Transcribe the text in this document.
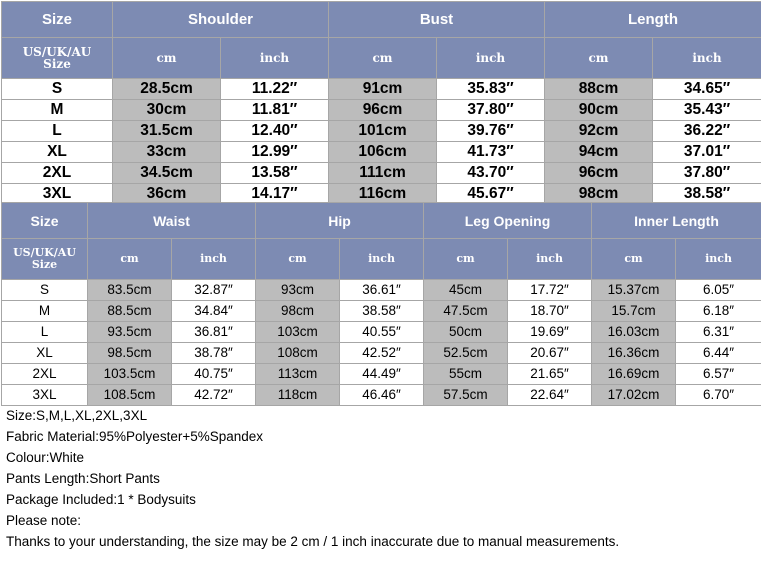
Size	Shoulder		Bust		Length	

US/UK/AU
Size	cm	inch	cm	inch	cm	inch
S	28.5cm	11.22″	91cm	35.83″	88cm	34.65″
M	30cm	11.81″	96cm	37.80″	90cm	35.43″
L	31.5cm	12.40″	101cm	39.76″	92cm	36.22″
XL	33cm	12.99″	106cm	41.73″	94cm	37.01″
2XL	34.5cm	13.58″	111cm	43.70″	96cm	37.80″
3XL	36cm	14.17″	116cm	45.67″	98cm	38.58″
Size	Waist		Hip		Leg Opening		Inner Length	

US/UK/AU
Size	cm	inch	cm	inch	cm	inch	cm	inch
S	83.5cm	32.87″	93cm	36.61″	45cm	17.72″	15.37cm	6.05″
M	88.5cm	34.84″	98cm	38.58″	47.5cm	18.70″	15.7cm	6.18″
L	93.5cm	36.81″	103cm	40.55″	50cm	19.69″	16.03cm	6.31″
XL	98.5cm	38.78″	108cm	42.52″	52.5cm	20.67″	16.36cm	6.44″
2XL	103.5cm	40.75″	113cm	44.49″	55cm	21.65″	16.69cm	6.57″
3XL	108.5cm	42.72″	118cm	46.46″	57.5cm	22.64″	17.02cm	6.70″
Size:S,M,L,XL,2XL,3XL
Fabric Material:95%Polyester+5%Spandex
Colour:White
Pants Length:Short Pants
Package Included:1 * Bodysuits
Please note:
Thanks to your understanding, the size may be 2 cm / 1 inch inaccurate due to manual measurements.
